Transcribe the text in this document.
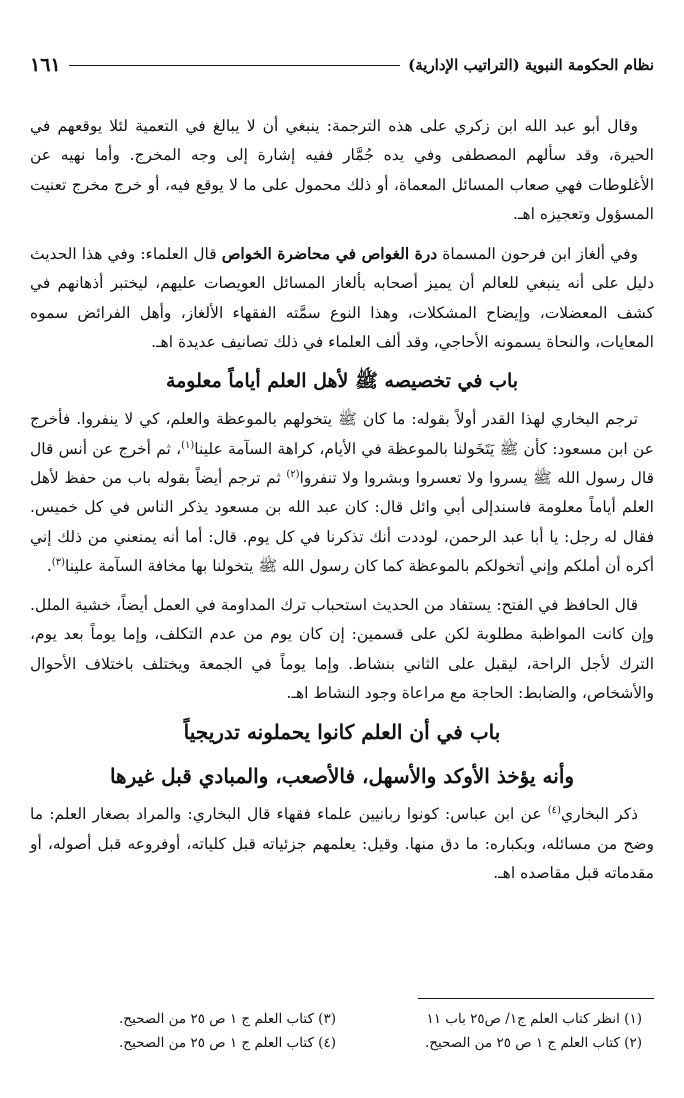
نظام الحكومة النبوية (التراتيب الإدارية)
١٦١

وقال أبو عبد الله ابن زكري على هذه الترجمة: ينبغي أن لا يبالغ في التعمية لئلا يوقعهم في الحيرة، وقد سألهم المصطفى وفي يده جُمَّار ففيه إشارة إلى وجه المخرج. وأما نهيه عن الأغلوطات فهي صعاب المسائل المعماة، أو ذلك محمول على ما لا يوقع فيه، أو خرج مخرج تعنيت المسؤول وتعجيزه اهـ.

وفي ألغاز ابن فرحون المسماة درة الغواص في محاضرة الخواص قال العلماء: وفي هذا الحديث دليل على أنه ينبغي للعالم أن يميز أصحابه بألغاز المسائل العويصات عليهم، ليختبر أذهانهم في كشف المعضلات، وإيضاح المشكلات، وهذا النوع سمَّته الفقهاء الألغاز، وأهل الفرائض سموه المعايات، والنحاة يسمونه الأحاجي، وقد ألف العلماء في ذلك تصانيف عديدة اهـ.

باب في تخصيصه ﷺ لأهل العلم أياماً معلومة

ترجم البخاري لهذا القدر أولاً بقوله: ما كان ﷺ يتخولهم بالموعظة والعلم، كي لا ينفروا. فأخرج عن ابن مسعود: كأن ﷺ يَتَخَولنا بالموعظة في الأيام، كراهة السآمة علينا$^{(١)}$، ثم أخرج عن أنس قال قال رسول الله ﷺ يسروا ولا تعسروا وبشروا ولا تنفروا$^{(٢)}$ ثم ترجم أيضاً بقوله باب من حفظ لأهل العلم أياماً معلومة فاسندإلى أبي وائل قال: كان عبد الله بن مسعود يذكر الناس في كل خميس. فقال له رجل: يا أبا عبد الرحمن، لوددت أنك تذكرنا في كل يوم. قال: أما أنه يمنعني من ذلك إني أكره أن أملكم وإني أتخولكم بالموعظة كما كان رسول الله ﷺ يتخولنا بها مخافة السآمة علينا$^{(٣)}$.

قال الحافظ في الفتح: يستفاد من الحديث استحباب ترك المداومة في العمل أيضاً، خشية الملل. وإن كانت المواظبة مطلوبة لكن على قسمين: إن كان يوم من عدم التكلف، وإما يوماً بعد يوم، الترك لأجل الراحة، ليقبل على الثاني بنشاط. وإما يوماً في الجمعة ويختلف باختلاف الأحوال والأشخاص، والضابط: الحاجة مع مراعاة وجود النشاط اهـ.

باب في أن العلم كانوا يحملونه تدريجياً
وأنه يؤخذ الأوكد والأسهل، فالأصعب، والمبادي قبل غيرها

ذكر البخاري$^{(٤)}$ عن ابن عباس: كونوا ربانيين علماء فقهاء قال البخاري: والمراد بصغار العلم: ما وضح من مسائله، وبكباره: ما دق منها. وقيل: يعلمهم جزئياته قبل كلياته، أوفروعه قبل أصوله، أو مقدماته قبل مقاصده اهـ.

(١) انظر كتاب العلم ج١/ ص٢٥ باب ١١
(٣) كتاب العلم ج ١ ص ٢٥ من الصحيح.
(٢) كتاب العلم ج ١ ص ٢٥ من الصحيح.
(٤) كتاب العلم ج ١ ص ٢٥ من الصحيح.
